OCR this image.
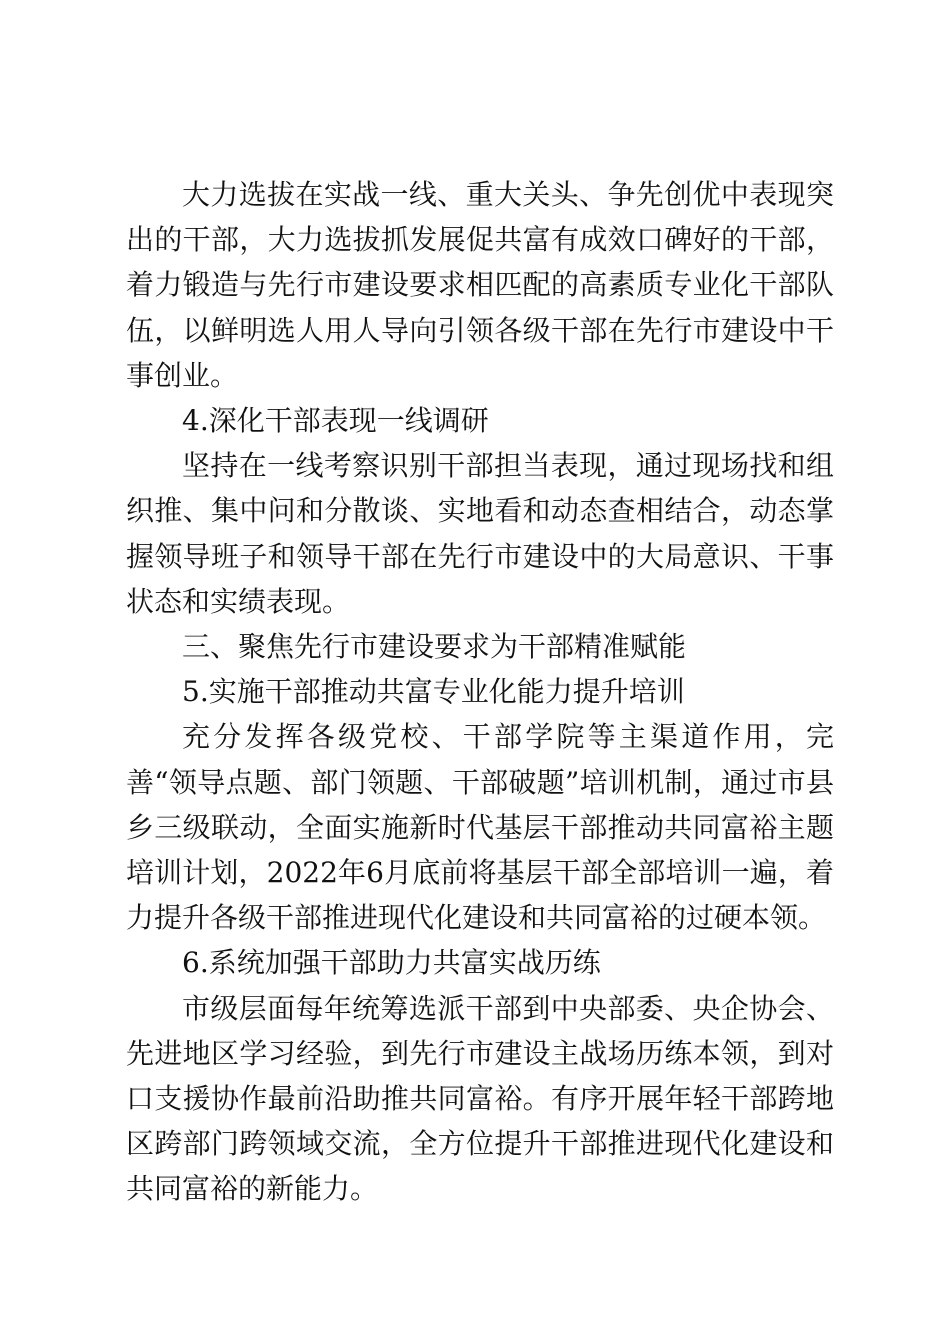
大力选拔在实战一线、重大关头、争先创优中表现突出的干部，大力选拔抓发展促共富有成效口碑好的干部，着力锻造与先行市建设要求相匹配的高素质专业化干部队伍，以鲜明选人用人导向引领各级干部在先行市建设中干事创业。

4.深化干部表现一线调研

坚持在一线考察识别干部担当表现，通过现场找和组织推、集中问和分散谈、实地看和动态查相结合，动态掌握领导班子和领导干部在先行市建设中的大局意识、干事状态和实绩表现。

三、聚焦先行市建设要求为干部精准赋能

5.实施干部推动共富专业化能力提升培训

充分发挥各级党校、干部学院等主渠道作用，完善“领导点题、部门领题、干部破题”培训机制，通过市县乡三级联动，全面实施新时代基层干部推动共同富裕主题培训计划，2022年6月底前将基层干部全部培训一遍，着力提升各级干部推进现代化建设和共同富裕的过硬本领。

6.系统加强干部助力共富实战历练

市级层面每年统筹选派干部到中央部委、央企协会、先进地区学习经验，到先行市建设主战场历练本领，到对口支援协作最前沿助推共同富裕。有序开展年轻干部跨地区跨部门跨领域交流，全方位提升干部推进现代化建设和共同富裕的新能力。
